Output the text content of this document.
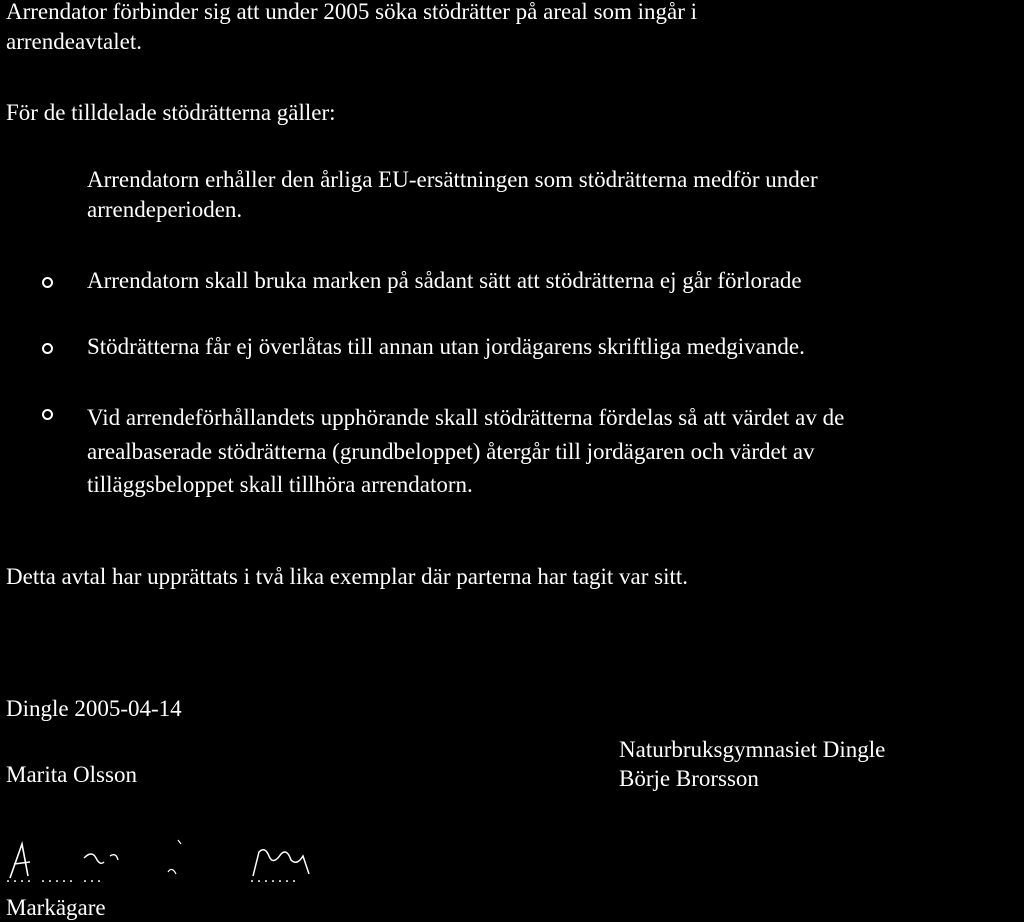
Arrendator förbinder sig att under 2005 söka stödrätter på areal som ingår i

arrendeavtalet.

För de tilldelade stödrätterna gäller:

Arrendatorn erhåller den årliga EU-ersättningen som stödrätterna medför under

arrendeperioden.

Arrendatorn skall bruka marken på sådant sätt att stödrätterna ej går förlorade

Stödrätterna får ej överlåtas till annan utan jordägarens skriftliga medgivande.

Vid arrendeförhållandets upphörande skall stödrätterna fördelas så att värdet av de

arealbaserade stödrätterna (grundbeloppet) återgår till jordägaren och värdet av

tilläggsbeloppet skall tillhöra arrendatorn.

Detta avtal har upprättats i två lika exemplar där parterna har tagit var sitt.

Dingle 2005-04-14

Marita Olsson

Naturbruksgymnasiet Dingle

Börje Brorsson

.... ..... ...	.......

Markägare
